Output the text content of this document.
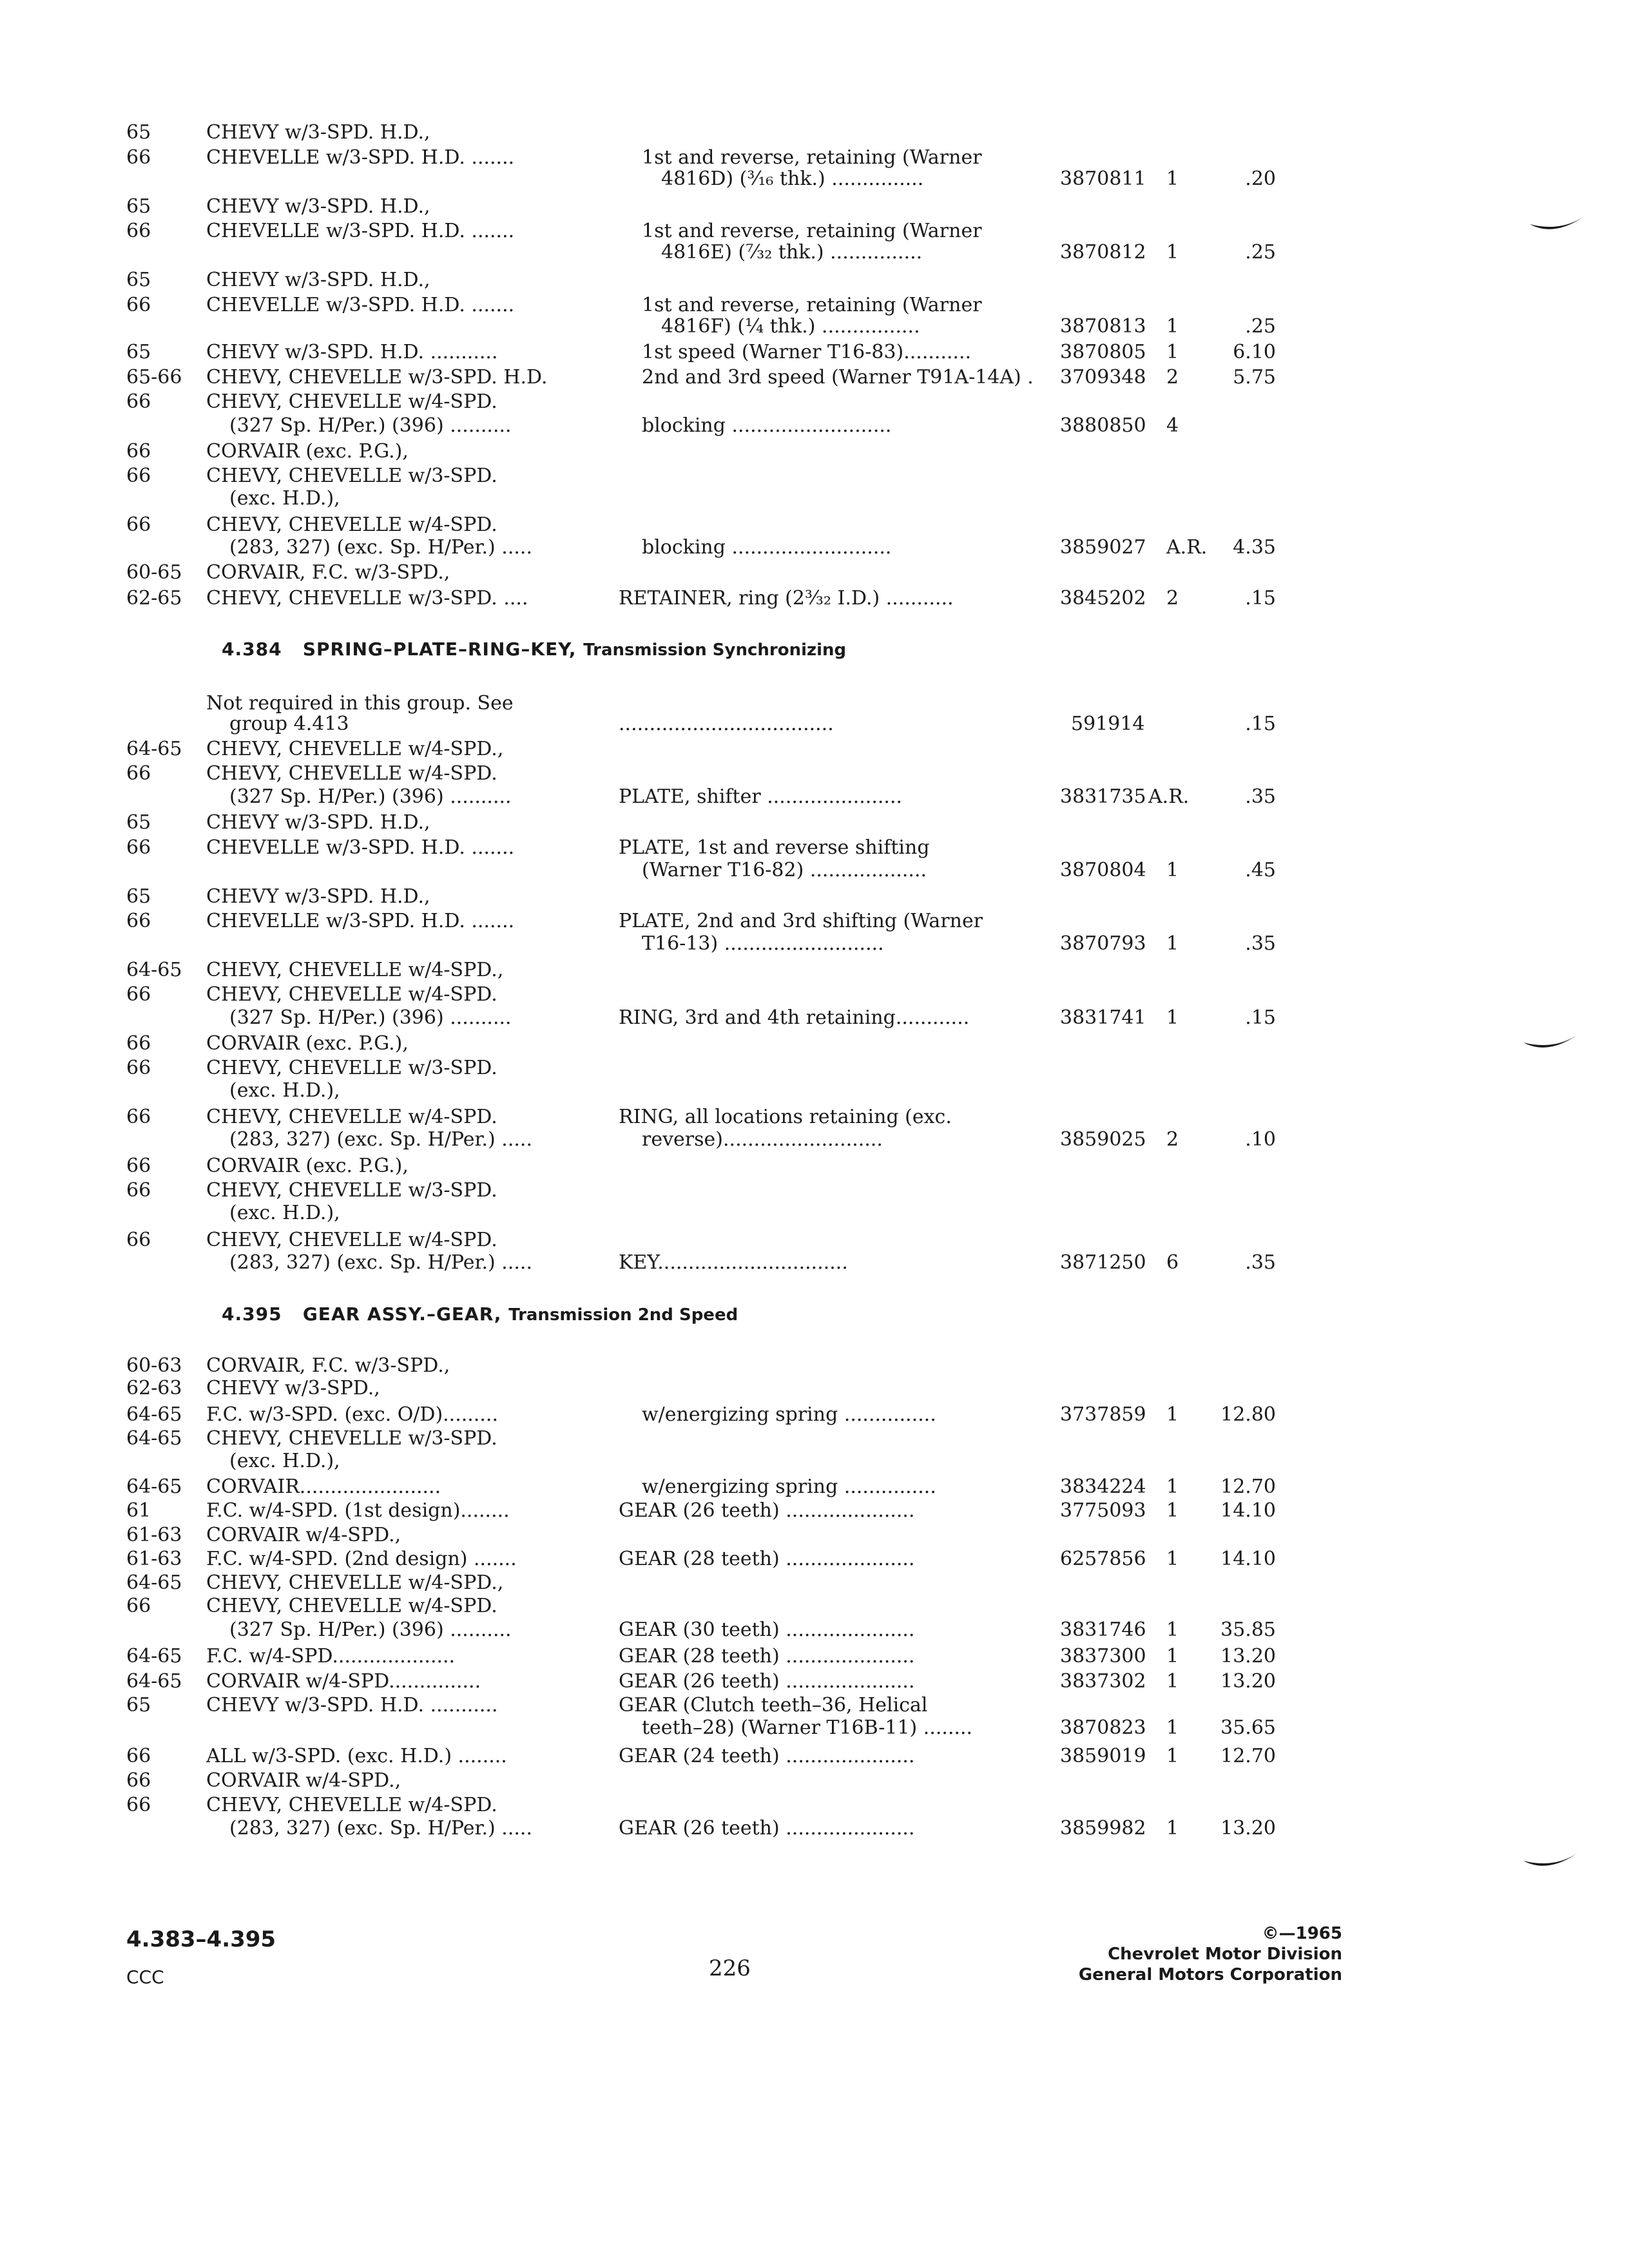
65	CHEVY w/3-SPD. H.D.,
66	CHEVELLE w/3-SPD. H.D. .......	1st and reverse, retaining (Warner
4816D) (³⁄₁₆ thk.) ...............	3870811 1	.20
65	CHEVY w/3-SPD. H.D.,
66	CHEVELLE w/3-SPD. H.D. .......	1st and reverse, retaining (Warner
4816E) (⁷⁄₃₂ thk.) ...............	3870812 1	.25
65	CHEVY w/3-SPD. H.D.,
66	CHEVELLE w/3-SPD. H.D. .......	1st and reverse, retaining (Warner
4816F) (¹⁄₄ thk.) ................	3870813 1	.25
65	CHEVY w/3-SPD. H.D. ...........	1st speed (Warner T16-83)...........	3870805 1	6.10
65-66 CHEVY, CHEVELLE w/3-SPD. H.D.	2nd and 3rd speed (Warner T91A-14A) . 3709348 2	5.75
66	CHEVY, CHEVELLE w/4-SPD.
(327 Sp. H/Per.) (396) ..........	blocking ..........................	3880850 4
66	CORVAIR (exc. P.G.),
66	CHEVY, CHEVELLE w/3-SPD.
(exc. H.D.),
66	CHEVY, CHEVELLE w/4-SPD.
(283, 327) (exc. Sp. H/Per.) .....	blocking ..........................	3859027 A.R. 4.35
60-65 CORVAIR, F.C. w/3-SPD.,
62-65 CHEVY, CHEVELLE w/3-SPD. ....	RETAINER, ring (2³⁄₃₂ I.D.) ...........	3845202 2	.15
4.384 SPRING–PLATE–RING–KEY, Transmission Synchronizing
Not required in this group. See
group 4.413	...................................	591914	.15
64-65 CHEVY, CHEVELLE w/4-SPD.,
66	CHEVY, CHEVELLE w/4-SPD.
(327 Sp. H/Per.) (396) ..........	PLATE, shifter ......................	3831735 A.R.	.35
65	CHEVY w/3-SPD. H.D.,
66	CHEVELLE w/3-SPD. H.D. .......	PLATE, 1st and reverse shifting
(Warner T16-82) ...................	3870804 1	.45
65	CHEVY w/3-SPD. H.D.,
66	CHEVELLE w/3-SPD. H.D. .......	PLATE, 2nd and 3rd shifting (Warner
T16-13) ..........................	3870793 1	.35
64-65 CHEVY, CHEVELLE w/4-SPD.,
66	CHEVY, CHEVELLE w/4-SPD.
(327 Sp. H/Per.) (396) ..........	RING, 3rd and 4th retaining............	3831741 1	.15
66	CORVAIR (exc. P.G.),
66	CHEVY, CHEVELLE w/3-SPD.
(exc. H.D.),
66	CHEVY, CHEVELLE w/4-SPD.	RING, all locations retaining (exc.
(283, 327) (exc. Sp. H/Per.) .....	reverse)..........................	3859025 2	.10
66	CORVAIR (exc. P.G.),
66	CHEVY, CHEVELLE w/3-SPD.
(exc. H.D.),
66	CHEVY, CHEVELLE w/4-SPD.
(283, 327) (exc. Sp. H/Per.) .....	KEY...............................	3871250 6	.35
4.395 GEAR ASSY.–GEAR, Transmission 2nd Speed
60-63 CORVAIR, F.C. w/3-SPD.,
62-63 CHEVY w/3-SPD.,
64-65 F.C. w/3-SPD. (exc. O/D).........	w/energizing spring ...............	3737859 1 12.80
64-65 CHEVY, CHEVELLE w/3-SPD.
(exc. H.D.),
64-65 CORVAIR.......................	w/energizing spring ...............	3834224 1 12.70
61	F.C. w/4-SPD. (1st design)........	GEAR (26 teeth) .....................	3775093 1 14.10
61-63 CORVAIR w/4-SPD.,
61-63 F.C. w/4-SPD. (2nd design) .......	GEAR (28 teeth) .....................	6257856 1 14.10
64-65 CHEVY, CHEVELLE w/4-SPD.,
66	CHEVY, CHEVELLE w/4-SPD.
(327 Sp. H/Per.) (396) ..........	GEAR (30 teeth) .....................	3831746 1 35.85
64-65 F.C. w/4-SPD....................	GEAR (28 teeth) .....................	3837300 1 13.20
64-65 CORVAIR w/4-SPD...............	GEAR (26 teeth) .....................	3837302 1 13.20
65	CHEVY w/3-SPD. H.D. ...........	GEAR (Clutch teeth–36, Helical
teeth–28) (Warner T16B-11) ........	3870823 1 35.65
66	ALL w/3-SPD. (exc. H.D.) ........	GEAR (24 teeth) .....................	3859019 1 12.70
66	CORVAIR w/4-SPD.,
66	CHEVY, CHEVELLE w/4-SPD.
(283, 327) (exc. Sp. H/Per.) .....	GEAR (26 teeth) .....................	3859982 1 13.20
4.383–4.395
CCC	226
©—1965
Chevrolet Motor Division
General Motors Corporation
